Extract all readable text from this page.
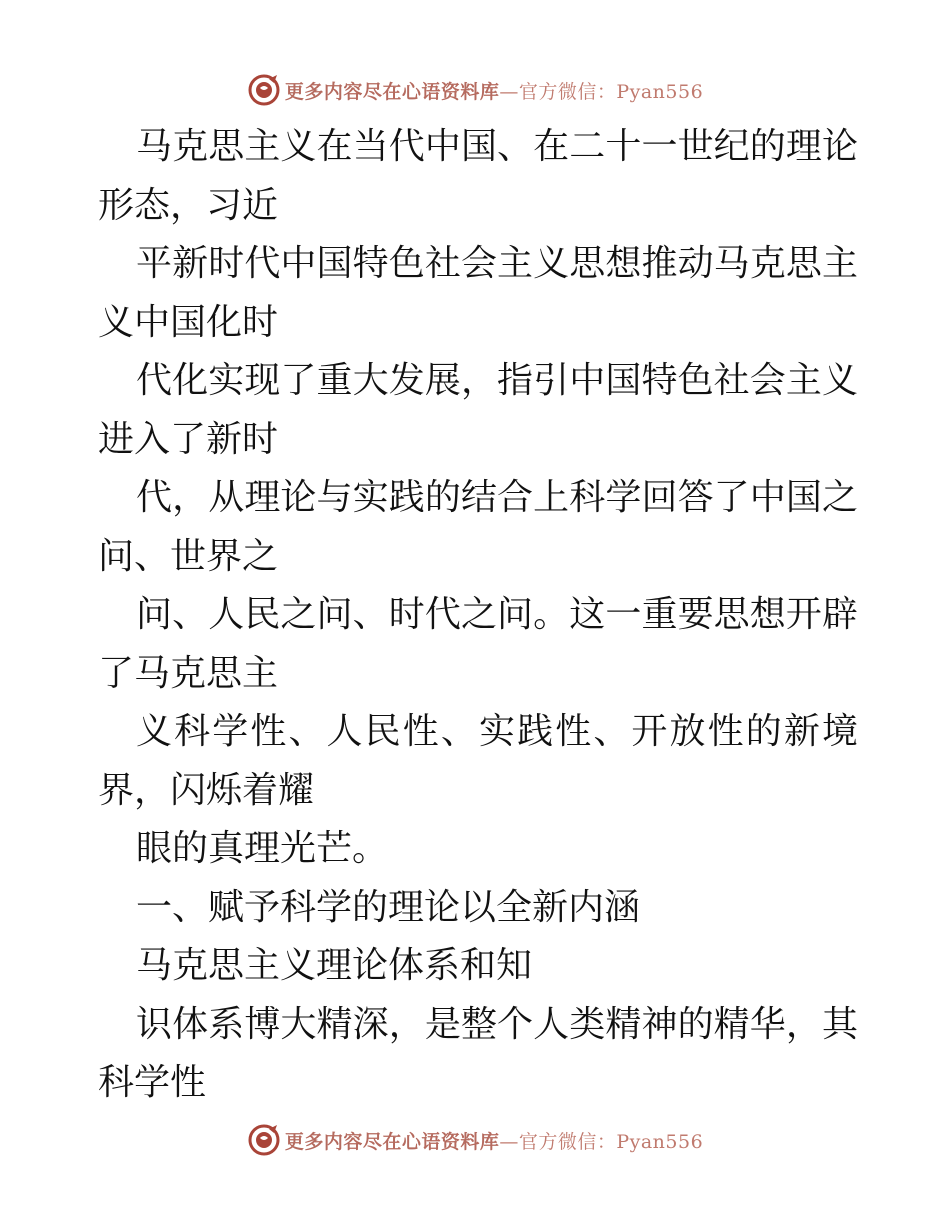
更多内容尽在心语资料库—官方微信：Pyan556

马克思主义在当代中国、在二十一世纪的理论形态，习近

平新时代中国特色社会主义思想推动马克思主义中国化时

代化实现了重大发展，指引中国特色社会主义进入了新时

代，从理论与实践的结合上科学回答了中国之问、世界之

问、人民之问、时代之问。这一重要思想开辟了马克思主

义科学性、人民性、实践性、开放性的新境界，闪烁着耀

眼的真理光芒。

一、赋予科学的理论以全新内涵

马克思主义理论体系和知

识体系博大精深，是整个人类精神的精华，其科学性

更多内容尽在心语资料库—官方微信：Pyan556
